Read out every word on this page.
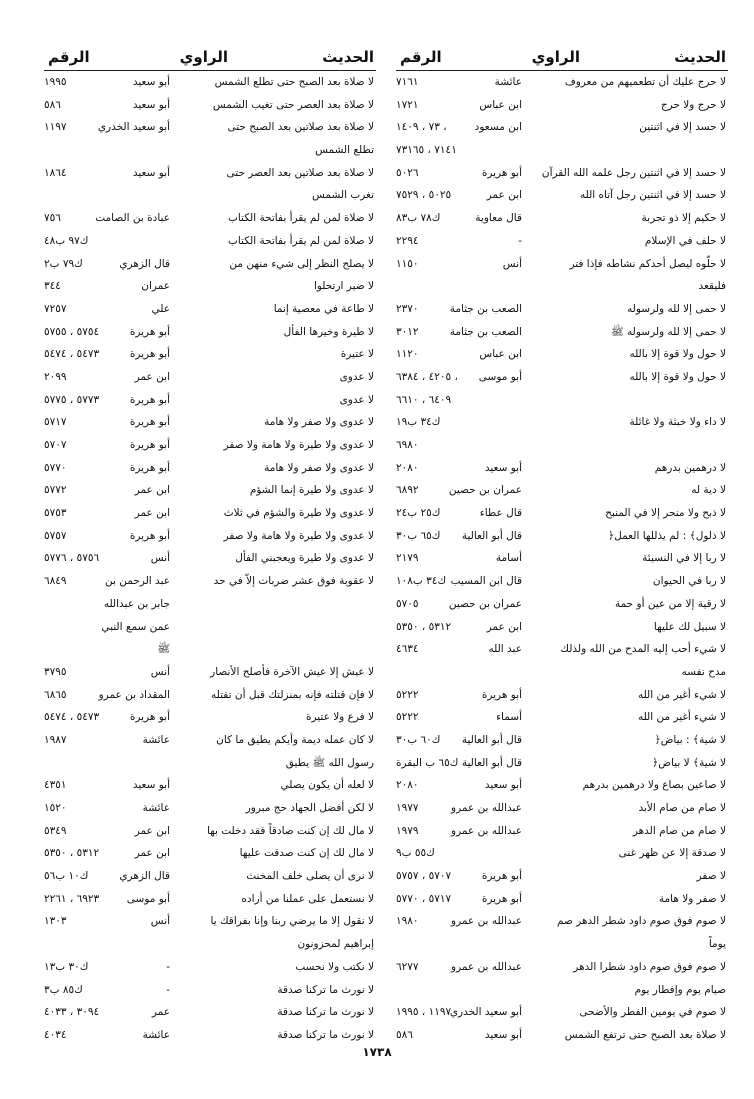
الحديث
الراوي
الرقم
لا حرج عليك أن تطعميهم من معروف
عائشة
٧١٦١
لا حرج ولا حرج
ابن عباس
١٧٢١
لا حسد إلا في اثنتين
ابن مسعود
٧٣ ، ١٤٠٩ ،
٧١٤١ ، ٧٣١٦٥
لا حسد إلا في اثنتين رجل علمه الله القرآن
أبو هريرة
٥٠٢٦
لا حسد إلا في اثنتين رجل آتاه الله
ابن عمر
٥٠٢٥ ، ٧٥٢٩
لا حكيم إلا ذو تجربة
قال معاوية
ك٧٨ ب٨٣
لا حلف في الإسلام
-
٢٢٩٤
لا حلّوه ليصل أحدكم نشاطه فإذا فتر
أنس
١١٥٠
فليقعد
لا حمى إلا لله ولرسوله
الصعب بن جثامة
٢٣٧٠
لا حمى إلا لله ولرسوله ﷺ
الصعب بن جثامة
٣٠١٢
لا حول ولا قوة إلا بالله
ابن عباس
١١٢٠
لا حول ولا قوة إلا بالله
أبو موسى
٤٢٠٥ ، ٦٣٨٤ ،
٦٤٠٩ ، ٦٦١٠
لا داء ولا خبثة ولا غائلة
ك٣٤ ب١٩
٦٩٨٠
لا درهمين بدرهم
أبو سعيد
٢٠٨٠
لا دية له
عمران بن حصين
٦٨٩٢
لا ذبح ولا منحر إلا في المنبح
قال عطاء
ك٢٥ ب٢٤
﴿لا ذلول﴾ : لم يذللها العمل
قال أبو العالية
ك٦٥ ب٣٠
لا ربا إلا في النسيئة
أسامة
٢١٧٩
لا ربا في الحيوان
قال ابن المسيب
ك٣٤ ب١٠٨
لا رقية إلا من عين أو حمة
عمران بن حصين
٥٧٠٥
لا سبيل لك عليها
ابن عمر
٥٣١٢ ، ٥٣٥٠
لا شيء أحب إليه المدح من الله ولذلك
عبد الله
٤٦٣٤
مدح نفسه
لا شيء أغير من الله
أبو هريرة
٥٢٢٢
لا شيء أغير من الله
أسماء
٥٢٢٢
﴿لا شية﴾ : بياض
قال أبو العالية
ك٦٠ ب٣٠
﴿لا شية﴾ لا بياض
قال أبو العالية
ك٦٥ ب البقرة
لا صاعين بصاع ولا درهمين بدرهم
أبو سعيد
٢٠٨٠
لا صام من صام الأبد
عبدالله بن عمرو
١٩٧٧
لا صام من صام الدهر
عبدالله بن عمرو
١٩٧٩
لا صدقة إلا عن ظهر غنى
ك٥٥ ب٩
لا صفر
أبو هريرة
٥٧٠٧ ، ٥٧٥٧
لا صفر ولا هامة
أبو هريرة
٥٧١٧ ، ٥٧٧٠
لا صوم فوق صوم داود شطر الدهر صم
عبدالله بن عمرو
١٩٨٠
يوماً
لا صوم فوق صوم داود شطرا الدهر
عبدالله بن عمرو
٦٢٧٧
صيام يوم وإفطار يوم
لا صوم في يومين الفطر والأضحى
أبو سعيد الخدري
١١٩٧ ، ١٩٩٥
لا صلاة بعد الصبح حتى ترتفع الشمس
أبو سعيد
٥٨٦
الحديث
الراوي
الرقم
لا صلاة بعد الصبح حتى تطلع الشمس
أبو سعيد
١٩٩٥
لا صلاة بعد العصر حتى تغيب الشمس
أبو سعيد
٥٨٦
لا صلاة بعد صلاتين بعد الصبح حتى
أبو سعيد الخدري
١١٩٧
تطلع الشمس
لا صلاة بعد صلاتين بعد العصر حتى
أبو سعيد
١٨٦٤
تغرب الشمس
لا صلاة لمن لم يقرأ بفاتحة الكتاب
عبادة بن الصامت
٧٥٦
لا صلاة لمن لم يقرأ بفاتحة الكتاب
ك٩٧ ب٤٨
لا يصلح النظر إلى شيء منهن من
قال الزهري
ك٧٩ ب٢
لا ضير ارتحلوا
عمران
٣٤٤
لا طاعة في معصية إنما
علي
٧٢٥٧
لا طيرة وخيرها الفأل
أبو هريرة
٥٧٥٤ ، ٥٧٥٥
لا عتيرة
أبو هريرة
٥٤٧٣ ، ٥٤٧٤
لا عدوى
ابن عمر
٢٠٩٩
لا عدوى
أبو هريرة
٥٧٧٣ ، ٥٧٧٥
لا عدوى ولا صفر ولا هامة
أبو هريرة
٥٧١٧
لا عدوى ولا طيرة ولا هامة ولا صفر
أبو هريرة
٥٧٠٧
لا عدوى ولا صفر ولا هامة
أبو هريرة
٥٧٧٠
لا عدوى ولا طيرة إنما الشؤم
ابن عمر
٥٧٧٢
لا عدوى ولا طيرة والشؤم في ثلاث
ابن عمر
٥٧٥٣
لا عدوى ولا طيرة ولا هامة ولا صفر
أبو هريرة
٥٧٥٧
لا عدوى ولا طيرة ويعجبني الفأل
أنس
٥٧٥٦ ، ٥٧٧٦
لا عقوبة فوق عشر ضربات إلاّ في حد
عبد الرحمن بن
٦٨٤٩
جابر بن عبدالله
عمن سمع النبي
ﷺ
لا عيش إلا عيش الآخرة فأصلح الأنصار
أنس
٣٧٩٥
لا فإن قتلته فإنه بمنزلتك قبل أن تقتله
المقداد بن عمرو
٦٨٦٥
لا فرع ولا عتيرة
أبو هريرة
٥٤٧٣ ، ٥٤٧٤
لا كان عمله ديمة وأيكم يطيق ما كان
عائشة
١٩٨٧
رسول الله ﷺ يطيق
لا لعله أن يكون يصلي
أبو سعيد
٤٣٥١
لا لكن أفضل الجهاد حج مبرور
عائشة
١٥٢٠
لا مال لك إن كنت صادقاً فقد دخلت بها
ابن عمر
٥٣٤٩
لا مال لك إن كنت صدقت عليها
ابن عمر
٥٣١٢ ، ٥٣٥٠
لا نرى أن يصلى خلف المخنث
قال الزهري
ك١٠ ب٥٦
لا نستعمل على عملنا من أراده
أبو موسى
٦٩٢٣ ، ٢٢٦١
لا نقول إلا ما يرضي ربنا وإنا بفراقك يا
أنس
١٣٠٣
إبراهيم لمحزونون
لا نكتب ولا نحسب
-
ك٣٠ ب١٣
لا نورث ما تركنا صدقة
-
ك٨٥ ب٣
لا نورث ما تركنا صدقة
عمر
٣٠٩٤ ، ٤٠٣٣
لا نورث ما تركنا صدقة
عائشة
٤٠٣٤
١٧٣٨
